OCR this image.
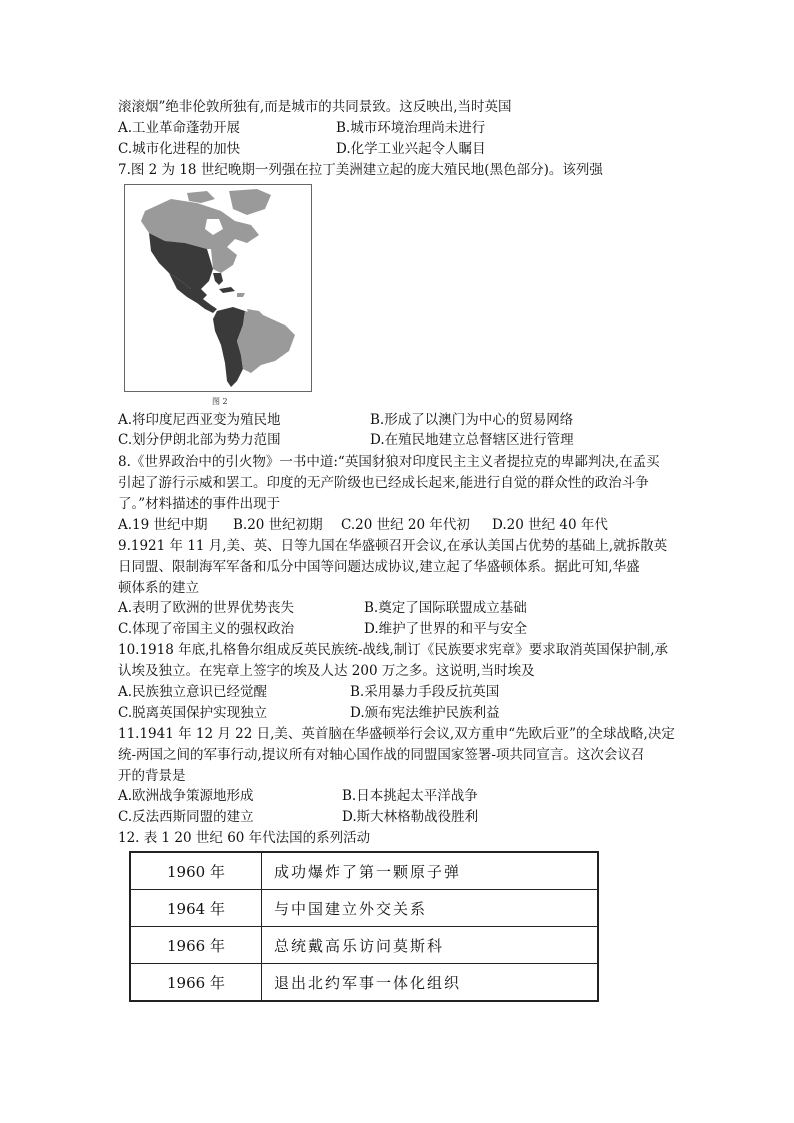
滚滚烟”绝非伦敦所独有,而是城市的共同景致。这反映出,当时英国
A.工业革命蓬勃开展	B.城市环境治理尚未进行
C.城市化进程的加快	D.化学工业兴起令人瞩目
7.图 2 为 18 世纪晚期一列强在拉丁美洲建立起的庞大殖民地(黑色部分)。该列强
图 2
A.将印度尼西亚变为殖民地	B.形成了以澳门为中心的贸易网络
C.划分伊朗北部为势力范围	D.在殖民地建立总督辖区进行管理
8.《世界政治中的引火物》一书中道:“英国豺狼对印度民主主义者提拉克的卑鄙判决,在孟买
引起了游行示威和罢工。印度的无产阶级也已经成长起来,能进行自觉的群众性的政治斗争
了。”材料描述的事件出现于
A.19 世纪中期 B.20 世纪初期 C.20 世纪 20 年代初 D.20 世纪 40 年代
9.1921 年 11 月,美、英、日等九国在华盛顿召开会议,在承认美国占优势的基础上,就拆散英
日同盟、限制海军军备和瓜分中国等问题达成协议,建立起了华盛顿体系。据此可知,华盛
顿体系的建立
A.表明了欧洲的世界优势丧失	B.奠定了国际联盟成立基础
C.体现了帝国主义的强权政治	D.维护了世界的和平与安全
10.1918 年底,扎格鲁尔组成反英民族统-战线,制订《民族要求宪章》要求取消英国保护制,承
认埃及独立。在宪章上签字的埃及人达 200 万之多。这说明,当时埃及
A.民族独立意识已经觉醒	B.采用暴力手段反抗英国
C.脱离英国保护实现独立	D.颁布宪法维护民族利益
11.1941 年 12 月 22 日,美、英首脑在华盛顿举行会议,双方重申“先欧后亚”的全球战略,决定
统-两国之间的军事行动,提议所有对轴心国作战的同盟国家签署-项共同宣言。这次会议召
开的背景是
A.欧洲战争策源地形成	B.日本挑起太平洋战争
C.反法西斯同盟的建立	D.斯大林格勒战役胜利
12. 表 1 20 世纪 60 年代法国的系列活动
1960 年	成功爆炸了第一颗原子弹
1964 年	与中国建立外交关系
1966 年	总统戴高乐访问莫斯科
1966 年	退出北约军事一体化组织
